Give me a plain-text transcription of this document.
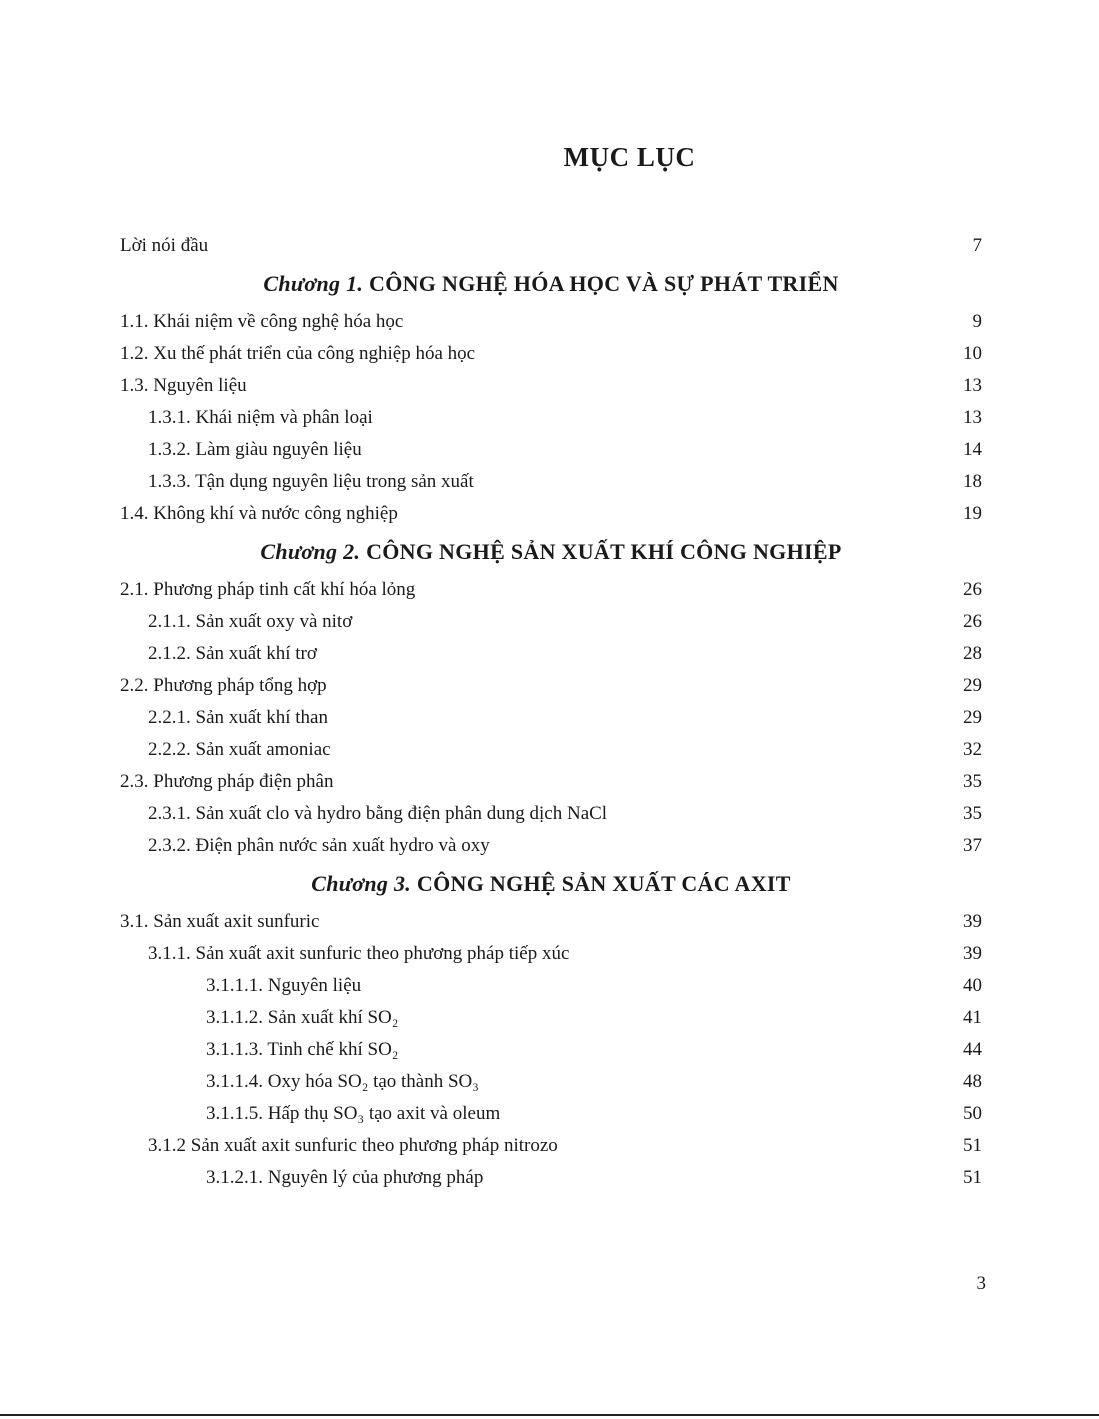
MỤC LỤC
Lời nói đầu	7
Chương 1. CÔNG NGHỆ HÓA HỌC VÀ SỰ PHÁT TRIỂN
1.1. Khái niệm về công nghệ hóa học	9
1.2. Xu thế phát triển của công nghiệp hóa học	10
1.3. Nguyên liệu	13
1.3.1. Khái niệm và phân loại	13
1.3.2. Làm giàu nguyên liệu	14
1.3.3. Tận dụng nguyên liệu trong sản xuất	18
1.4. Không khí và nước công nghiệp	19
Chương 2. CÔNG NGHỆ SẢN XUẤT KHÍ CÔNG NGHIỆP
2.1. Phương pháp tinh cất khí hóa lỏng	26
2.1.1. Sản xuất oxy và nitơ	26
2.1.2. Sản xuất khí trơ	28
2.2. Phương pháp tổng hợp	29
2.2.1. Sản xuất khí than	29
2.2.2. Sản xuất amoniac	32
2.3. Phương pháp điện phân	35
2.3.1. Sản xuất clo và hydro bằng điện phân dung dịch NaCl	35
2.3.2. Điện phân nước sản xuất hydro và oxy	37
Chương 3. CÔNG NGHỆ SẢN XUẤT CÁC AXIT
3.1. Sản xuất axit sunfuric	39
3.1.1. Sản xuất axit sunfuric theo phương pháp tiếp xúc	39
3.1.1.1. Nguyên liệu	40
3.1.1.2. Sản xuất khí SO₂	41
3.1.1.3. Tinh chế khí SO₂	44
3.1.1.4. Oxy hóa SO₂ tạo thành SO₃	48
3.1.1.5. Hấp thụ SO₃ tạo axit và oleum	50
3.1.2 Sản xuất axit sunfuric theo phương pháp nitrozo	51
3.1.2.1. Nguyên lý của phương pháp	51
3
